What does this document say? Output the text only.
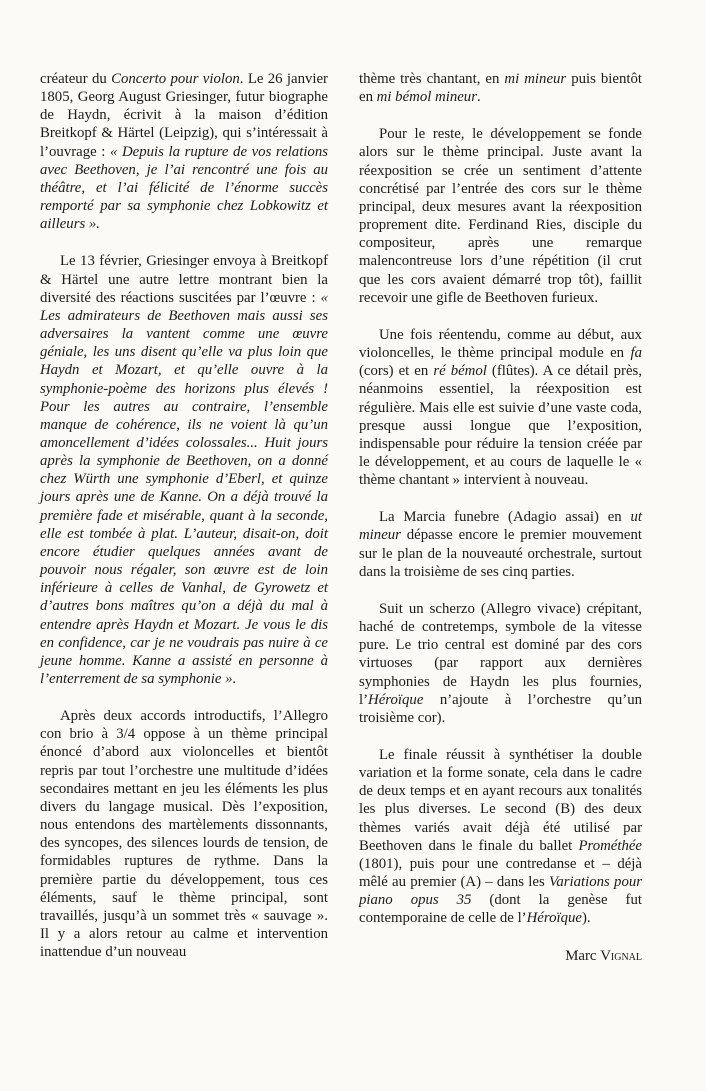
créateur du Concerto pour violon. Le 26 janvier 1805, Georg August Griesinger, futur biographe de Haydn, écrivit à la maison d’édition Breitkopf & Härtel (Leipzig), qui s’intéressait à l’ouvrage : « Depuis la rupture de vos relations avec Beethoven, je l’ai rencontré une fois au théâtre, et l’ai félicité de l’énorme succès remporté par sa symphonie chez Lobkowitz et ailleurs ».

Le 13 février, Griesinger envoya à Breitkopf & Härtel une autre lettre montrant bien la diversité des réactions suscitées par l’œuvre : « Les admirateurs de Beethoven mais aussi ses adversaires la vantent comme une œuvre géniale, les uns disent qu’elle va plus loin que Haydn et Mozart, et qu’elle ouvre à la symphonie-poème des horizons plus élevés ! Pour les autres au contraire, l’ensemble manque de cohérence, ils ne voient là qu’un amoncellement d’idées colossales... Huit jours après la symphonie de Beethoven, on a donné chez Würth une symphonie d’Eberl, et quinze jours après une de Kanne. On a déjà trouvé la première fade et misérable, quant à la seconde, elle est tombée à plat. L’auteur, disait-on, doit encore étudier quelques années avant de pouvoir nous régaler, son œuvre est de loin inférieure à celles de Vanhal, de Gyrowetz et d’autres bons maîtres qu’on a déjà du mal à entendre après Haydn et Mozart. Je vous le dis en confidence, car je ne voudrais pas nuire à ce jeune homme. Kanne a assisté en personne à l’enterrement de sa symphonie ».

Après deux accords introductifs, l’Allegro con brio à 3/4 oppose à un thème principal énoncé d’abord aux violoncelles et bientôt repris par tout l’orchestre une multitude d’idées secondaires mettant en jeu les éléments les plus divers du langage musical. Dès l’exposition, nous entendons des martèlements dissonnants, des syncopes, des silences lourds de tension, de formidables ruptures de rythme. Dans la première partie du développement, tous ces éléments, sauf le thème principal, sont travaillés, jusqu’à un sommet très « sauvage ». Il y a alors retour au calme et intervention inattendue d’un nouveau

thème très chantant, en mi mineur puis bientôt en mi bémol mineur.

Pour le reste, le développement se fonde alors sur le thème principal. Juste avant la réexposition se crée un sentiment d’attente concrétisé par l’entrée des cors sur le thème principal, deux mesures avant la réexposition proprement dite. Ferdinand Ries, disciple du compositeur, après une remarque malencontreuse lors d’une répétition (il crut que les cors avaient démarré trop tôt), faillit recevoir une gifle de Beethoven furieux.

Une fois réentendu, comme au début, aux violoncelles, le thème principal module en fa (cors) et en ré bémol (flûtes). A ce détail près, néanmoins essentiel, la réexposition est régulière. Mais elle est suivie d’une vaste coda, presque aussi longue que l’exposition, indispensable pour réduire la tension créée par le développement, et au cours de laquelle le « thème chantant » intervient à nouveau.

La Marcia funebre (Adagio assai) en ut mineur dépasse encore le premier mouvement sur le plan de la nouveauté orchestrale, surtout dans la troisième de ses cinq parties.

Suit un scherzo (Allegro vivace) crépitant, haché de contretemps, symbole de la vitesse pure. Le trio central est dominé par des cors virtuoses (par rapport aux dernières symphonies de Haydn les plus fournies, l’Héroïque n’ajoute à l’orchestre qu’un troisième cor).

Le finale réussit à synthétiser la double variation et la forme sonate, cela dans le cadre de deux temps et en ayant recours aux tonalités les plus diverses. Le second (B) des deux thèmes variés avait déjà été utilisé par Beethoven dans le finale du ballet Prométhée (1801), puis pour une contredanse et – déjà mêlé au premier (A) – dans les Variations pour piano opus 35 (dont la genèse fut contemporaine de celle de l’Héroïque).

Marc Vignal
